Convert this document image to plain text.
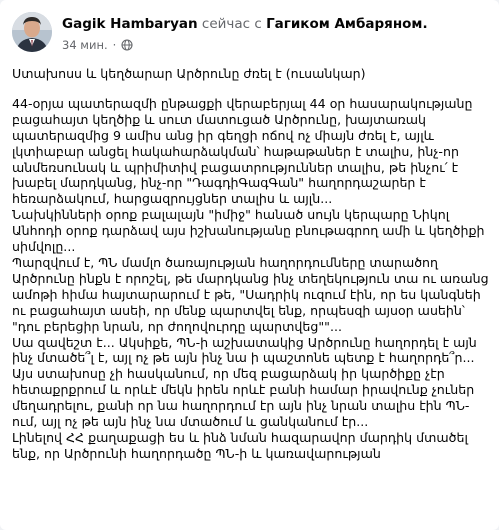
Gagik Hambaryan сейчас с Гагиком Амбаряном.
34 мин. ·

Ստախոսս և կեղծարար Արծրունը ժռել է (ուսանկար)

44-օրյա պատերազմի ընթացքի վերաբերյալ 44 օր հասարակությանը բացահայտ կեղծիք և սուտ մատուցած Արծրունը, խայտառակ պատերազմից 9 ամիս անց իր գեղցի ոճով ոչ միայն ժռել է, այլև լկտիաբար անցել հակահարձակման՝ հաթաթաներ է տալիս, ինչ-որ անմեռսունակ և պրիմիտիվ բացատրություններ տալիս, թե ինչու՛ է խաբել մարդկանց, ինչ-որ "ԴագդիԳագԳան" հաղորդաշարեր է հեռարձակում, հարցազրույցներ տալիս և այլն...

Նախկինների օրոք բալալայն "իմիջ" հանած սույն կերպարը Նիկոլ Անհոդի օրոք դարձավ այս իշխանությանը բնութագրող ամի և կեղծիքի սիմվոլը...

Պարզվում է, ՊՆ մամլո ծառայության հաղորդումները տարածող Արծրունը ինքն է որոշել, թե մարդկանց ինչ տեղեկություն տա ու առանց ամոթի հիմա հայտարարում է թե, "Սադրիկ ուզում էին, որ ես կանգնեի ու բացահայտ ասեի, որ մենք պարտվել ենք, որպեսզի այսօր ասեին՝ "դու բերեցիր նրան, որ ժողովուրդը պարտվեց""...

Սա զավեշտ է... Ակսիքե, ՊՆ-ի աշխատակից Արծրունը հաղորդել է այն ինչ մտածե՞լ է, այլ ոչ թե այն ինչ նա ի պաշտոնե պետք է հաղորդե՞ր...

Այս ստախոսը չի հասկանում, որ մեզ բացարձակ իր կարծիքը չէր հետաքրքրում և որևէ մեկն իրեն որևէ բանի համար իրավունք չուներ մեղադրելու, քանի որ նա հաղորդում էր այն ինչ նրան տալիս էին ՊՆ-ում, այլ ոչ թե այն ինչ նա մտածում և ցանկանում էր...

Լինելով ՀՀ քաղաքացի ես և ինձ նման հազարավոր մարդիկ մտածել ենք, որ Արծրունի հաղորդածը ՊՆ-ի և կառավարության
